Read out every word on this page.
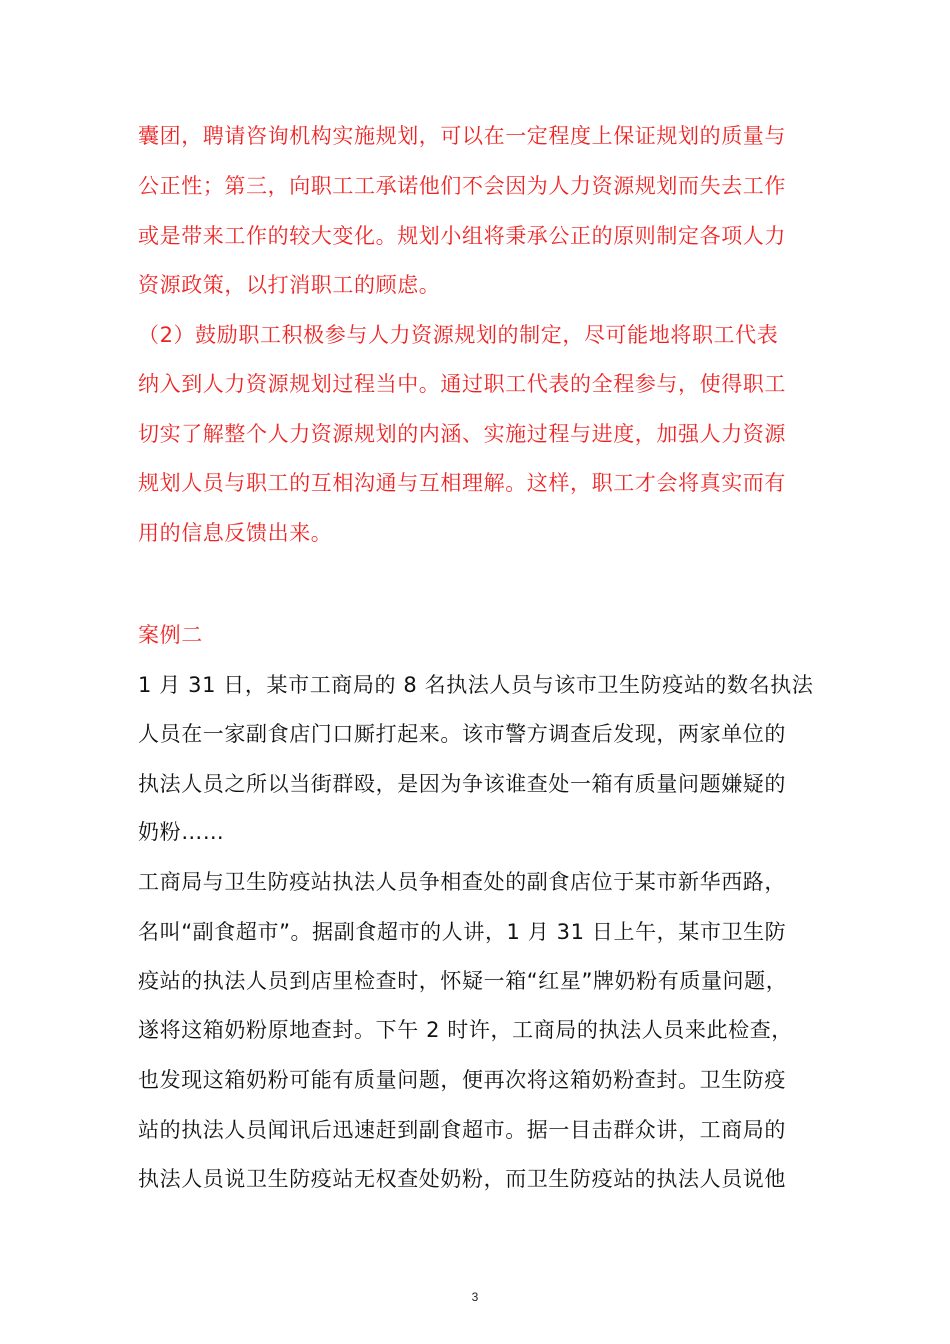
囊团，聘请咨询机构实施规划，可以在一定程度上保证规划的质量与
公正性；第三，向职工工承诺他们不会因为人力资源规划而失去工作
或是带来工作的较大变化。规划小组将秉承公正的原则制定各项人力
资源政策，以打消职工的顾虑。
（2）鼓励职工积极参与人力资源规划的制定，尽可能地将职工代表
纳入到人力资源规划过程当中。通过职工代表的全程参与，使得职工
切实了解整个人力资源规划的内涵、实施过程与进度，加强人力资源
规划人员与职工的互相沟通与互相理解。这样，职工才会将真实而有
用的信息反馈出来。
案例二
1 月 31 日，某市工商局的 8 名执法人员与该市卫生防疫站的数名执法
人员在一家副食店门口厮打起来。该市警方调查后发现，两家单位的
执法人员之所以当街群殴，是因为争该谁查处一箱有质量问题嫌疑的
奶粉……
工商局与卫生防疫站执法人员争相查处的副食店位于某市新华西路，
名叫“副食超市”。据副食超市的人讲，1 月 31 日上午，某市卫生防
疫站的执法人员到店里检查时，怀疑一箱“红星”牌奶粉有质量问题，
遂将这箱奶粉原地查封。下午 2 时许，工商局的执法人员来此检查，
也发现这箱奶粉可能有质量问题，便再次将这箱奶粉查封。卫生防疫
站的执法人员闻讯后迅速赶到副食超市。据一目击群众讲，工商局的
执法人员说卫生防疫站无权查处奶粉，而卫生防疫站的执法人员说他
3
